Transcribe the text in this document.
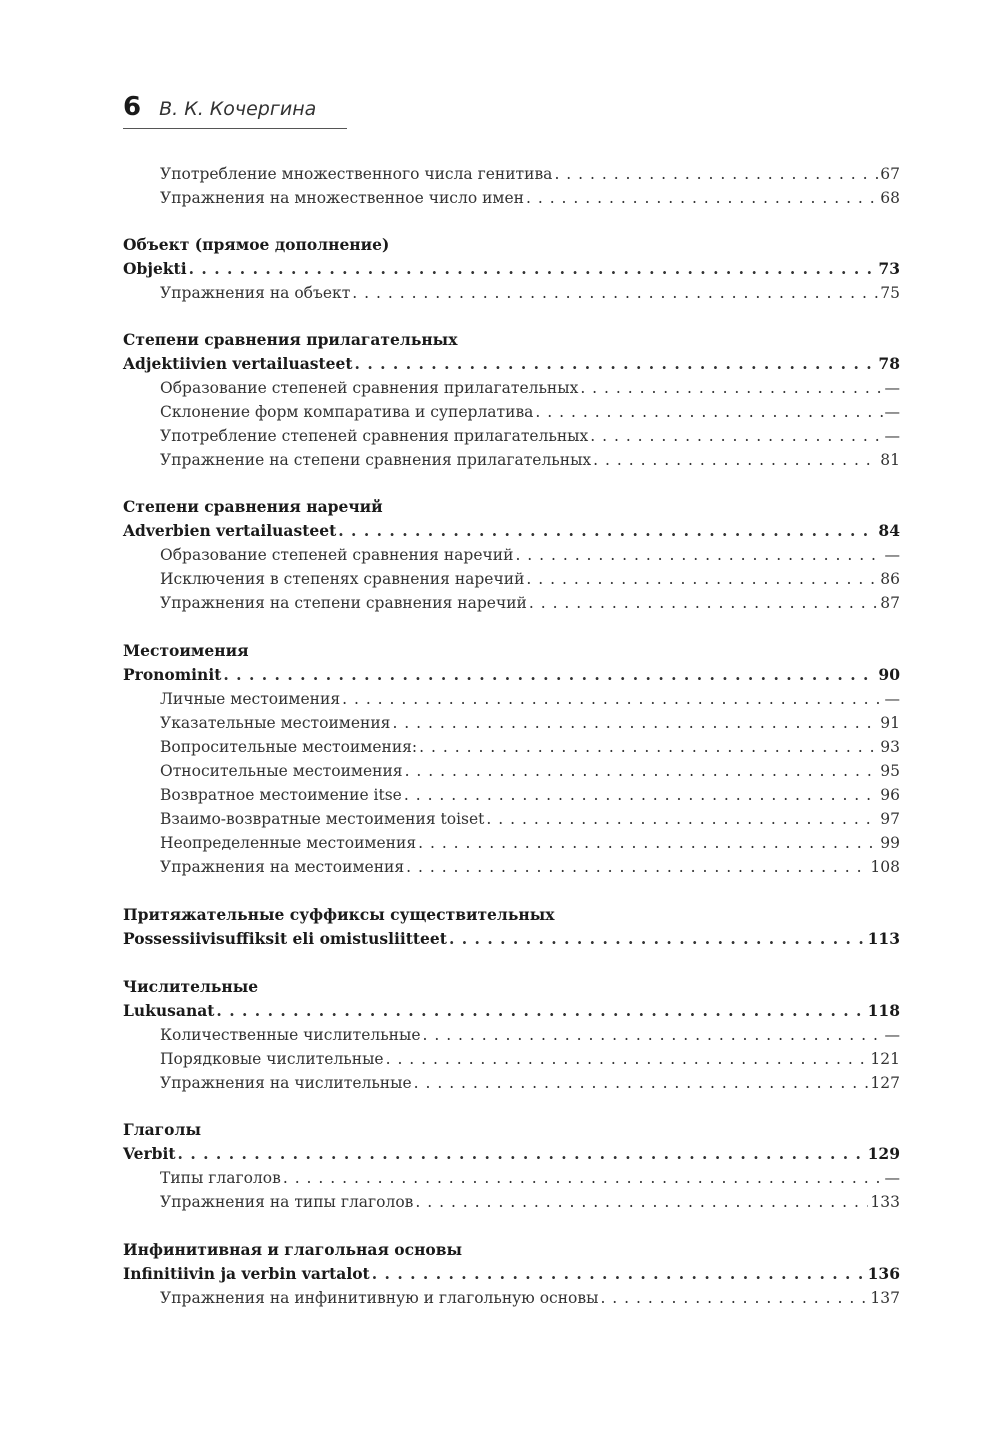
6 В. К. Кочергина
Употребление множественного числа генитива . . .	67
Упражнения на множественное число имен . . .	68
Объект (прямое дополнение)
Objekti . . .	73
Упражнения на объект . . .	75
Степени сравнения прилагательных
Adjektiivien vertailuasteet . . .	78
Образование степеней сравнения прилагательных . . .	—
Склонение форм компаратива и суперлатива . . .	—
Употребление степеней сравнения прилагательных . . .	—
Упражнение на степени сравнения прилагательных . . .	81
Степени сравнения наречий
Adverbien vertailuasteet . . .	84
Образование степеней сравнения наречий . . .	—
Исключения в степенях сравнения наречий . . .	86
Упражнения на степени сравнения наречий . . .	87
Местоимения
Pronominit . . .	90
Личные местоимения . . .	—
Указательные местоимения . . .	91
Вопросительные местоимения: . . .	93
Относительные местоимения . . .	95
Возвратное местоимение itse . . .	96
Взаимо-возвратные местоимения toiset . . .	97
Неопределенные местоимения . . .	99
Упражнения на местоимения . . .	108
Притяжательные суффиксы существительных
Possessiivisuffiksit eli omistusliitteet . . .	113
Числительные
Lukusanat . . .	118
Количественные числительные . . .	—
Порядковые числительные . . .	121
Упражнения на числительные . . .	127
Глаголы
Verbit . . .	129
Типы глаголов . . .	—
Упражнения на типы глаголов . . .	133
Инфинитивная и глагольная основы
Infinitiivin ja verbin vartalot . . .	136
Упражнения на инфинитивную и глагольную основы . . .	137
